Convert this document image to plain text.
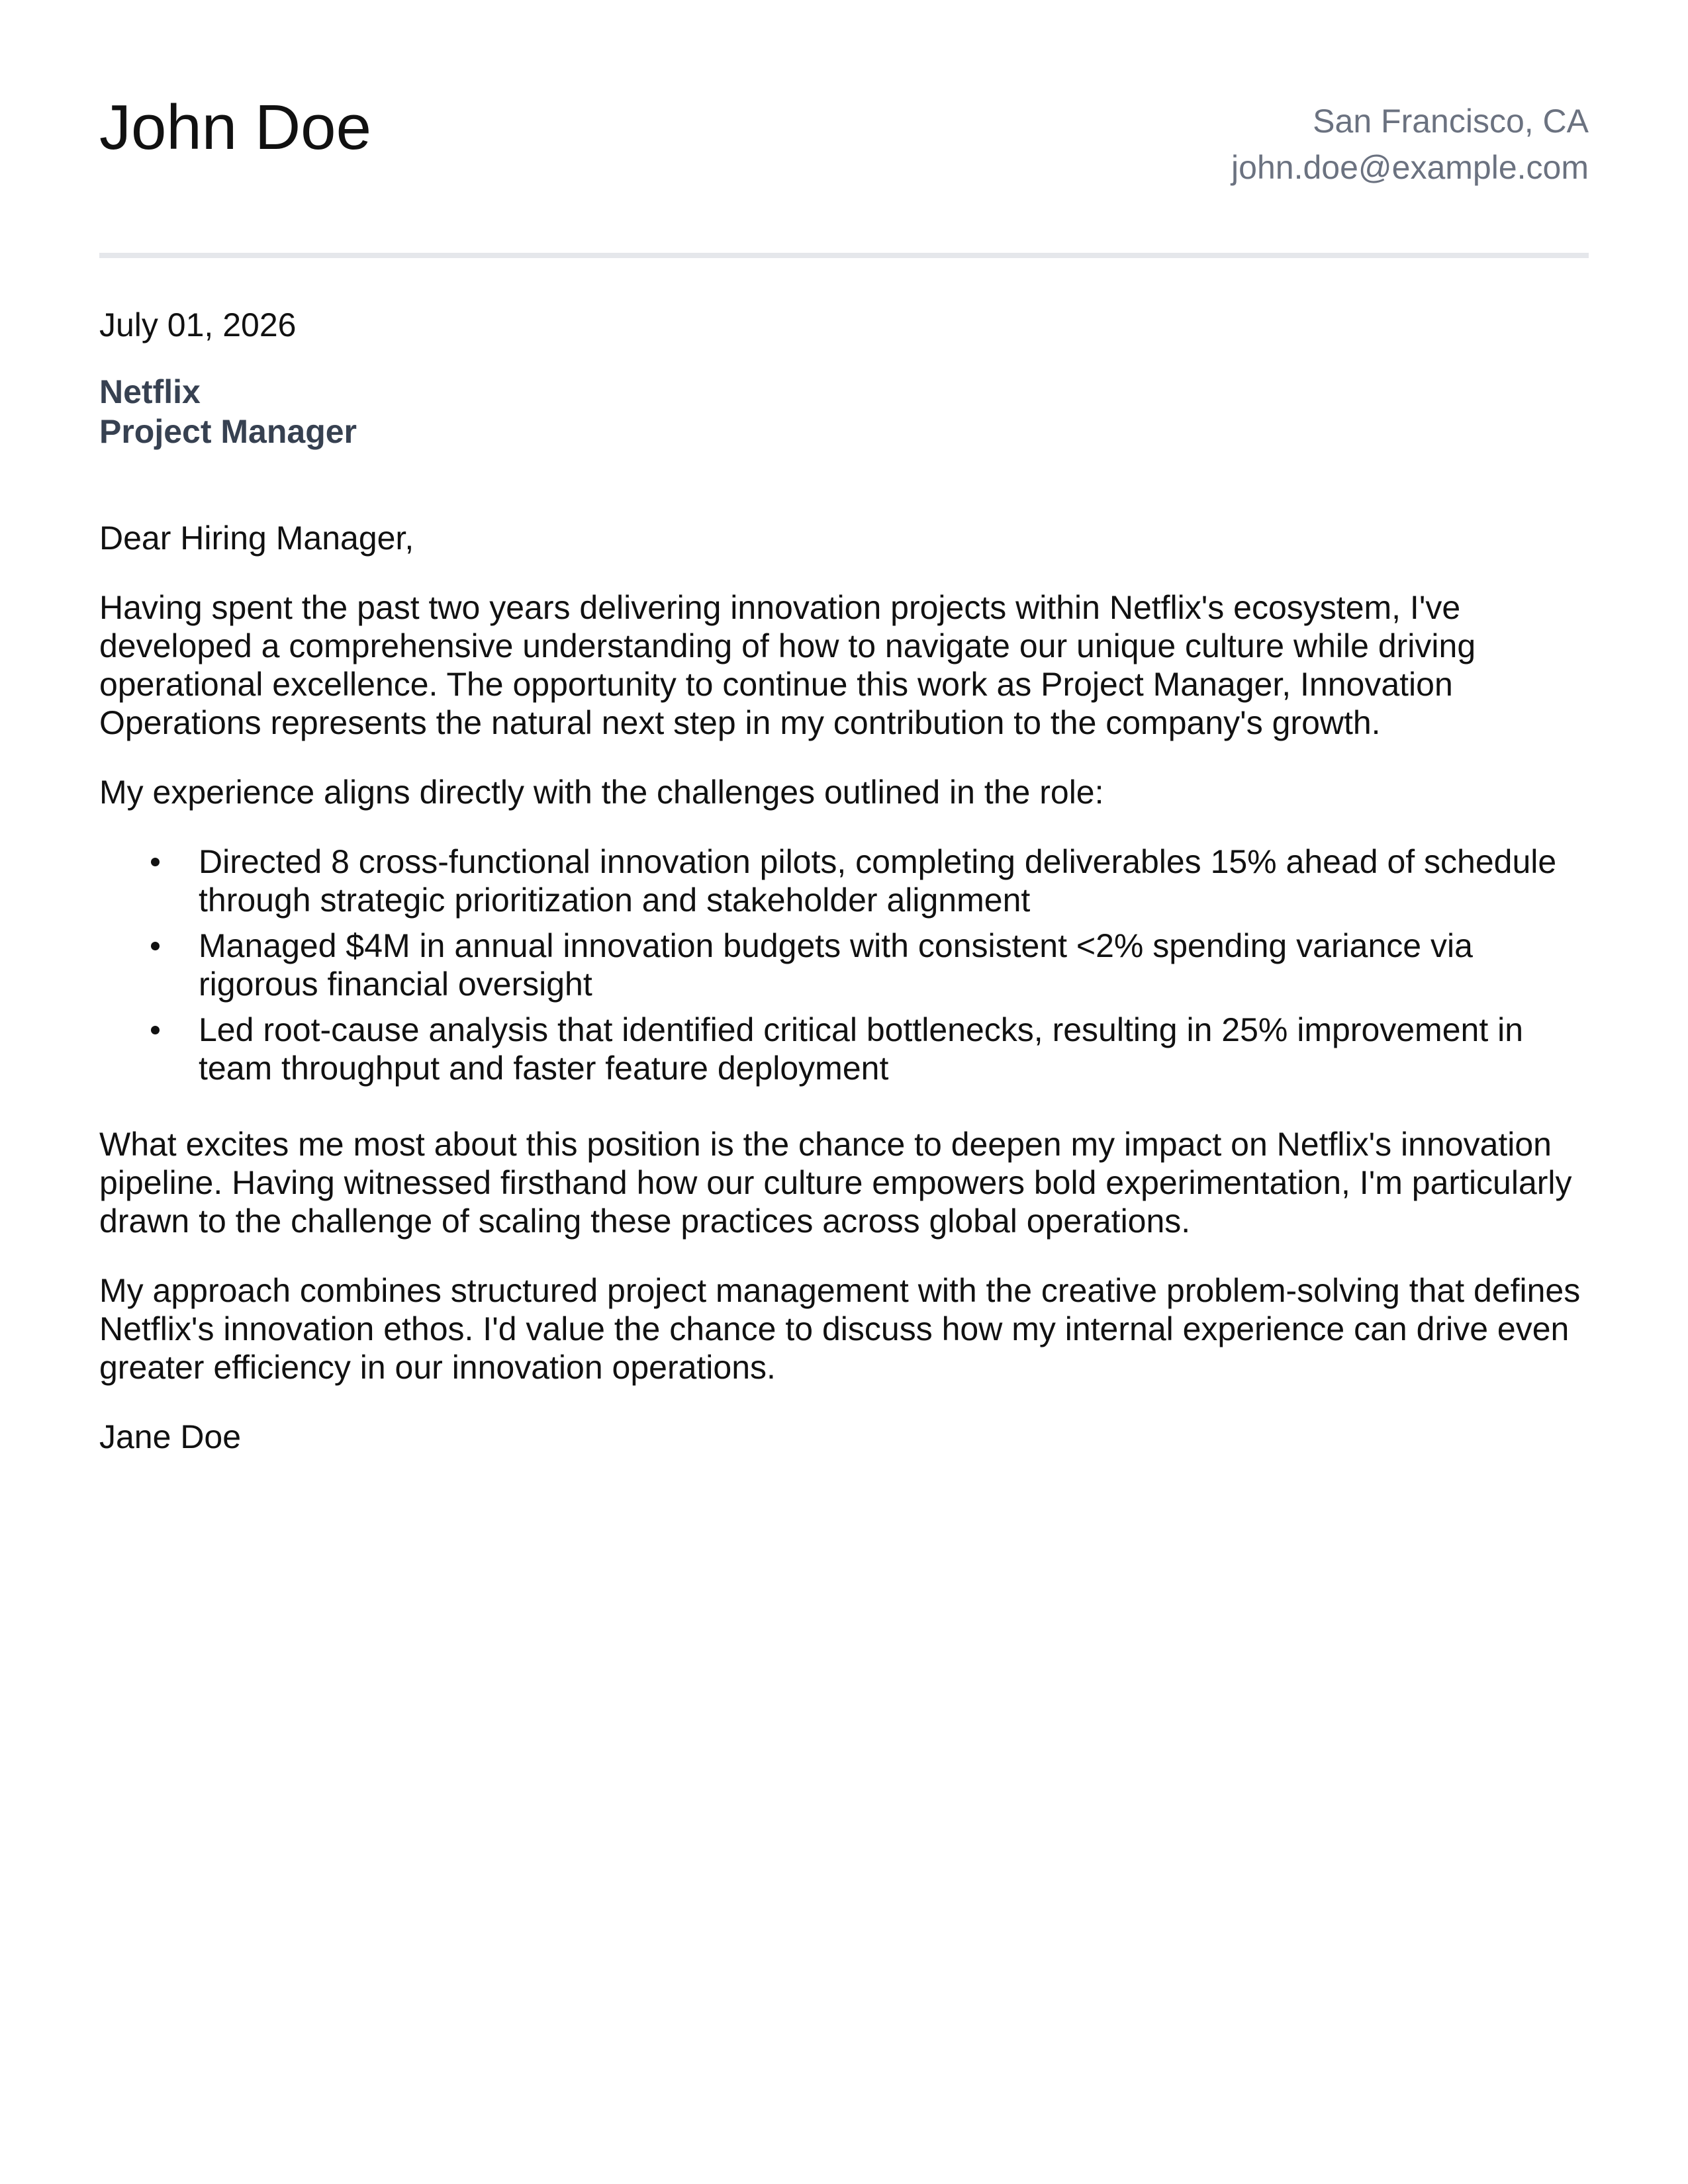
John Doe	San Francisco, CA
john.doe@example.com
July 01, 2026
Netflix
Project Manager
Dear Hiring Manager,

Having spent the past two years delivering innovation projects within Netflix's ecosystem, I've developed a comprehensive understanding of how to navigate our unique culture while driving operational excellence. The opportunity to continue this work as Project Manager, Innovation Operations represents the natural next step in my contribution to the company's growth.

My experience aligns directly with the challenges outlined in the role:

Directed 8 cross-functional innovation pilots, completing deliverables 15% ahead of schedule through strategic prioritization and stakeholder alignment
Managed $4M in annual innovation budgets with consistent <2% spending variance via rigorous financial oversight
Led root-cause analysis that identified critical bottlenecks, resulting in 25% improvement in team throughput and faster feature deployment

What excites me most about this position is the chance to deepen my impact on Netflix's innovation pipeline. Having witnessed firsthand how our culture empowers bold experimentation, I'm particularly drawn to the challenge of scaling these practices across global operations.

My approach combines structured project management with the creative problem-solving that defines Netflix's innovation ethos. I'd value the chance to discuss how my internal experience can drive even greater efficiency in our innovation operations.

Jane Doe
